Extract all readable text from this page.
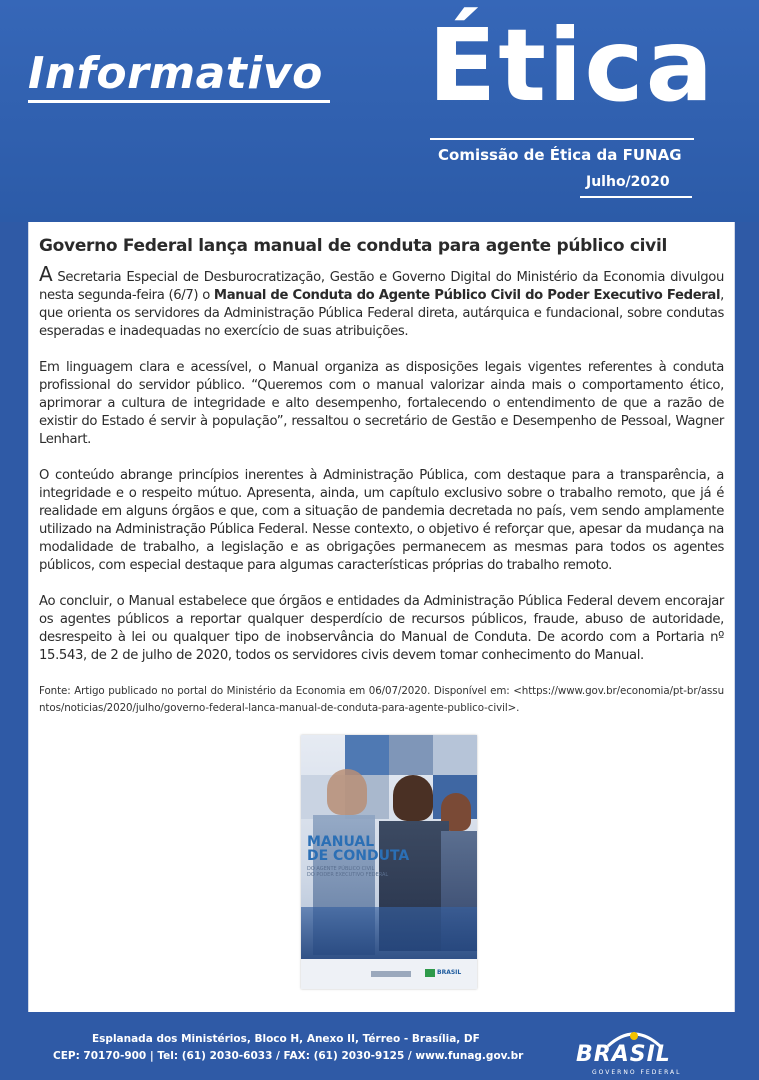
Informativo Ética
Comissão de Ética da FUNAG
Julho/2020
Governo Federal lança manual de conduta para agente público civil

A Secretaria Especial de Desburocratização, Gestão e Governo Digital do Ministério da Economia divulgou nesta segunda-feira (6/7) o Manual de Conduta do Agente Público Civil do Poder Executivo Federal, que orienta os servidores da Administração Pública Federal direta, autárquica e fundacional, sobre condutas esperadas e inadequadas no exercício de suas atribuições.

Em linguagem clara e acessível, o Manual organiza as disposições legais vigentes referentes à conduta profissional do servidor público. “Queremos com o manual valorizar ainda mais o comportamento ético, aprimorar a cultura de integridade e alto desempenho, fortalecendo o entendimento de que a razão de existir do Estado é servir à população”, ressaltou o secretário de Gestão e Desempenho de Pessoal, Wagner Lenhart.

O conteúdo abrange princípios inerentes à Administração Pública, com destaque para a transparência, a integridade e o respeito mútuo. Apresenta, ainda, um capítulo exclusivo sobre o trabalho remoto, que já é realidade em alguns órgãos e que, com a situação de pandemia decretada no país, vem sendo amplamente utilizado na Administração Pública Federal. Nesse contexto, o objetivo é reforçar que, apesar da mudança na modalidade de trabalho, a legislação e as obrigações permanecem as mesmas para todos os agentes públicos, com especial destaque para algumas características próprias do trabalho remoto.

Ao concluir, o Manual estabelece que órgãos e entidades da Administração Pública Federal devem encorajar os agentes públicos a reportar qualquer desperdício de recursos públicos, fraude, abuso de autoridade, desrespeito à lei ou qualquer tipo de inobservância do Manual de Conduta. De acordo com a Portaria nº 15.543, de 2 de julho de 2020, todos os servidores civis devem tomar conhecimento do Manual.

Fonte: Artigo publicado no portal do Ministério da Economia em 06/07/2020. Disponível em: <https://www.gov.br/economia/pt-br/assuntos/noticias/2020/julho/governo-federal-lanca-manual-de-conduta-para-agente-publico-civil>.

MANUAL
DE CONDUTA
DO AGENTE PÚBLICO CIVIL
DO PODER EXECUTIVO FEDERAL
BRASIL
Esplanada dos Ministérios, Bloco H, Anexo II, Térreo - Brasília, DF
CEP: 70170-900 | Tel: (61) 2030-6033 / FAX: (61) 2030-9125 / www.funag.gov.br BRASIL
GOVERNO FEDERAL
